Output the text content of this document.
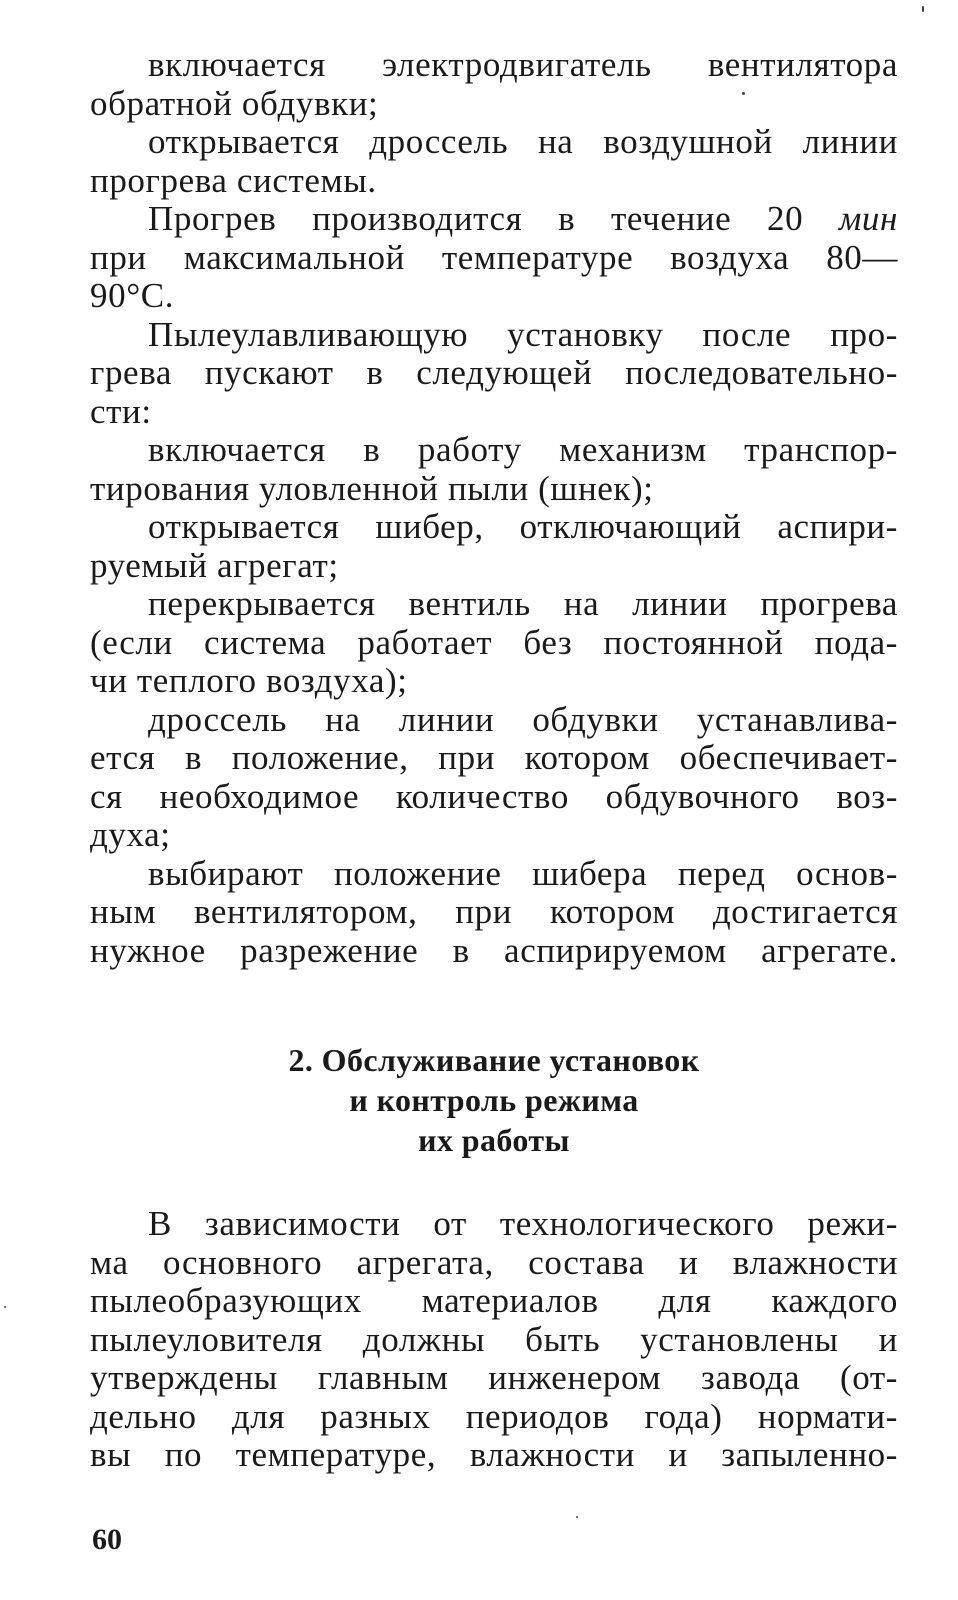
включается электродвигатель вентилятора
обратной обдувки;
открывается дроссель на воздушной линии
прогрева системы.
Прогрев производится в течение 20 мин
при максимальной температуре воздуха 80—
90°С.
Пылеулавливающую установку после про-
грева пускают в следующей последовательно-
сти:
включается в работу механизм транспор-
тирования уловленной пыли (шнек);
открывается шибер, отключающий аспири-
руемый агрегат;
перекрывается вентиль на линии прогрева
(если система работает без постоянной пода-
чи теплого воздуха);
дроссель на линии обдувки устанавлива-
ется в положение, при котором обеспечивает-
ся необходимое количество обдувочного воз-
духа;
выбирают положение шибера перед основ-
ным вентилятором, при котором достигается
нужное разрежение в аспирируемом агрегате.
2. Обслуживание установок
и контроль режима
их работы
В зависимости от технологического режи-
ма основного агрегата, состава и влажности
пылеобразующих материалов для каждого
пылеуловителя должны быть установлены и
утверждены главным инженером завода (от-
дельно для разных периодов года) нормати-
вы по температуре, влажности и запыленно-
60
